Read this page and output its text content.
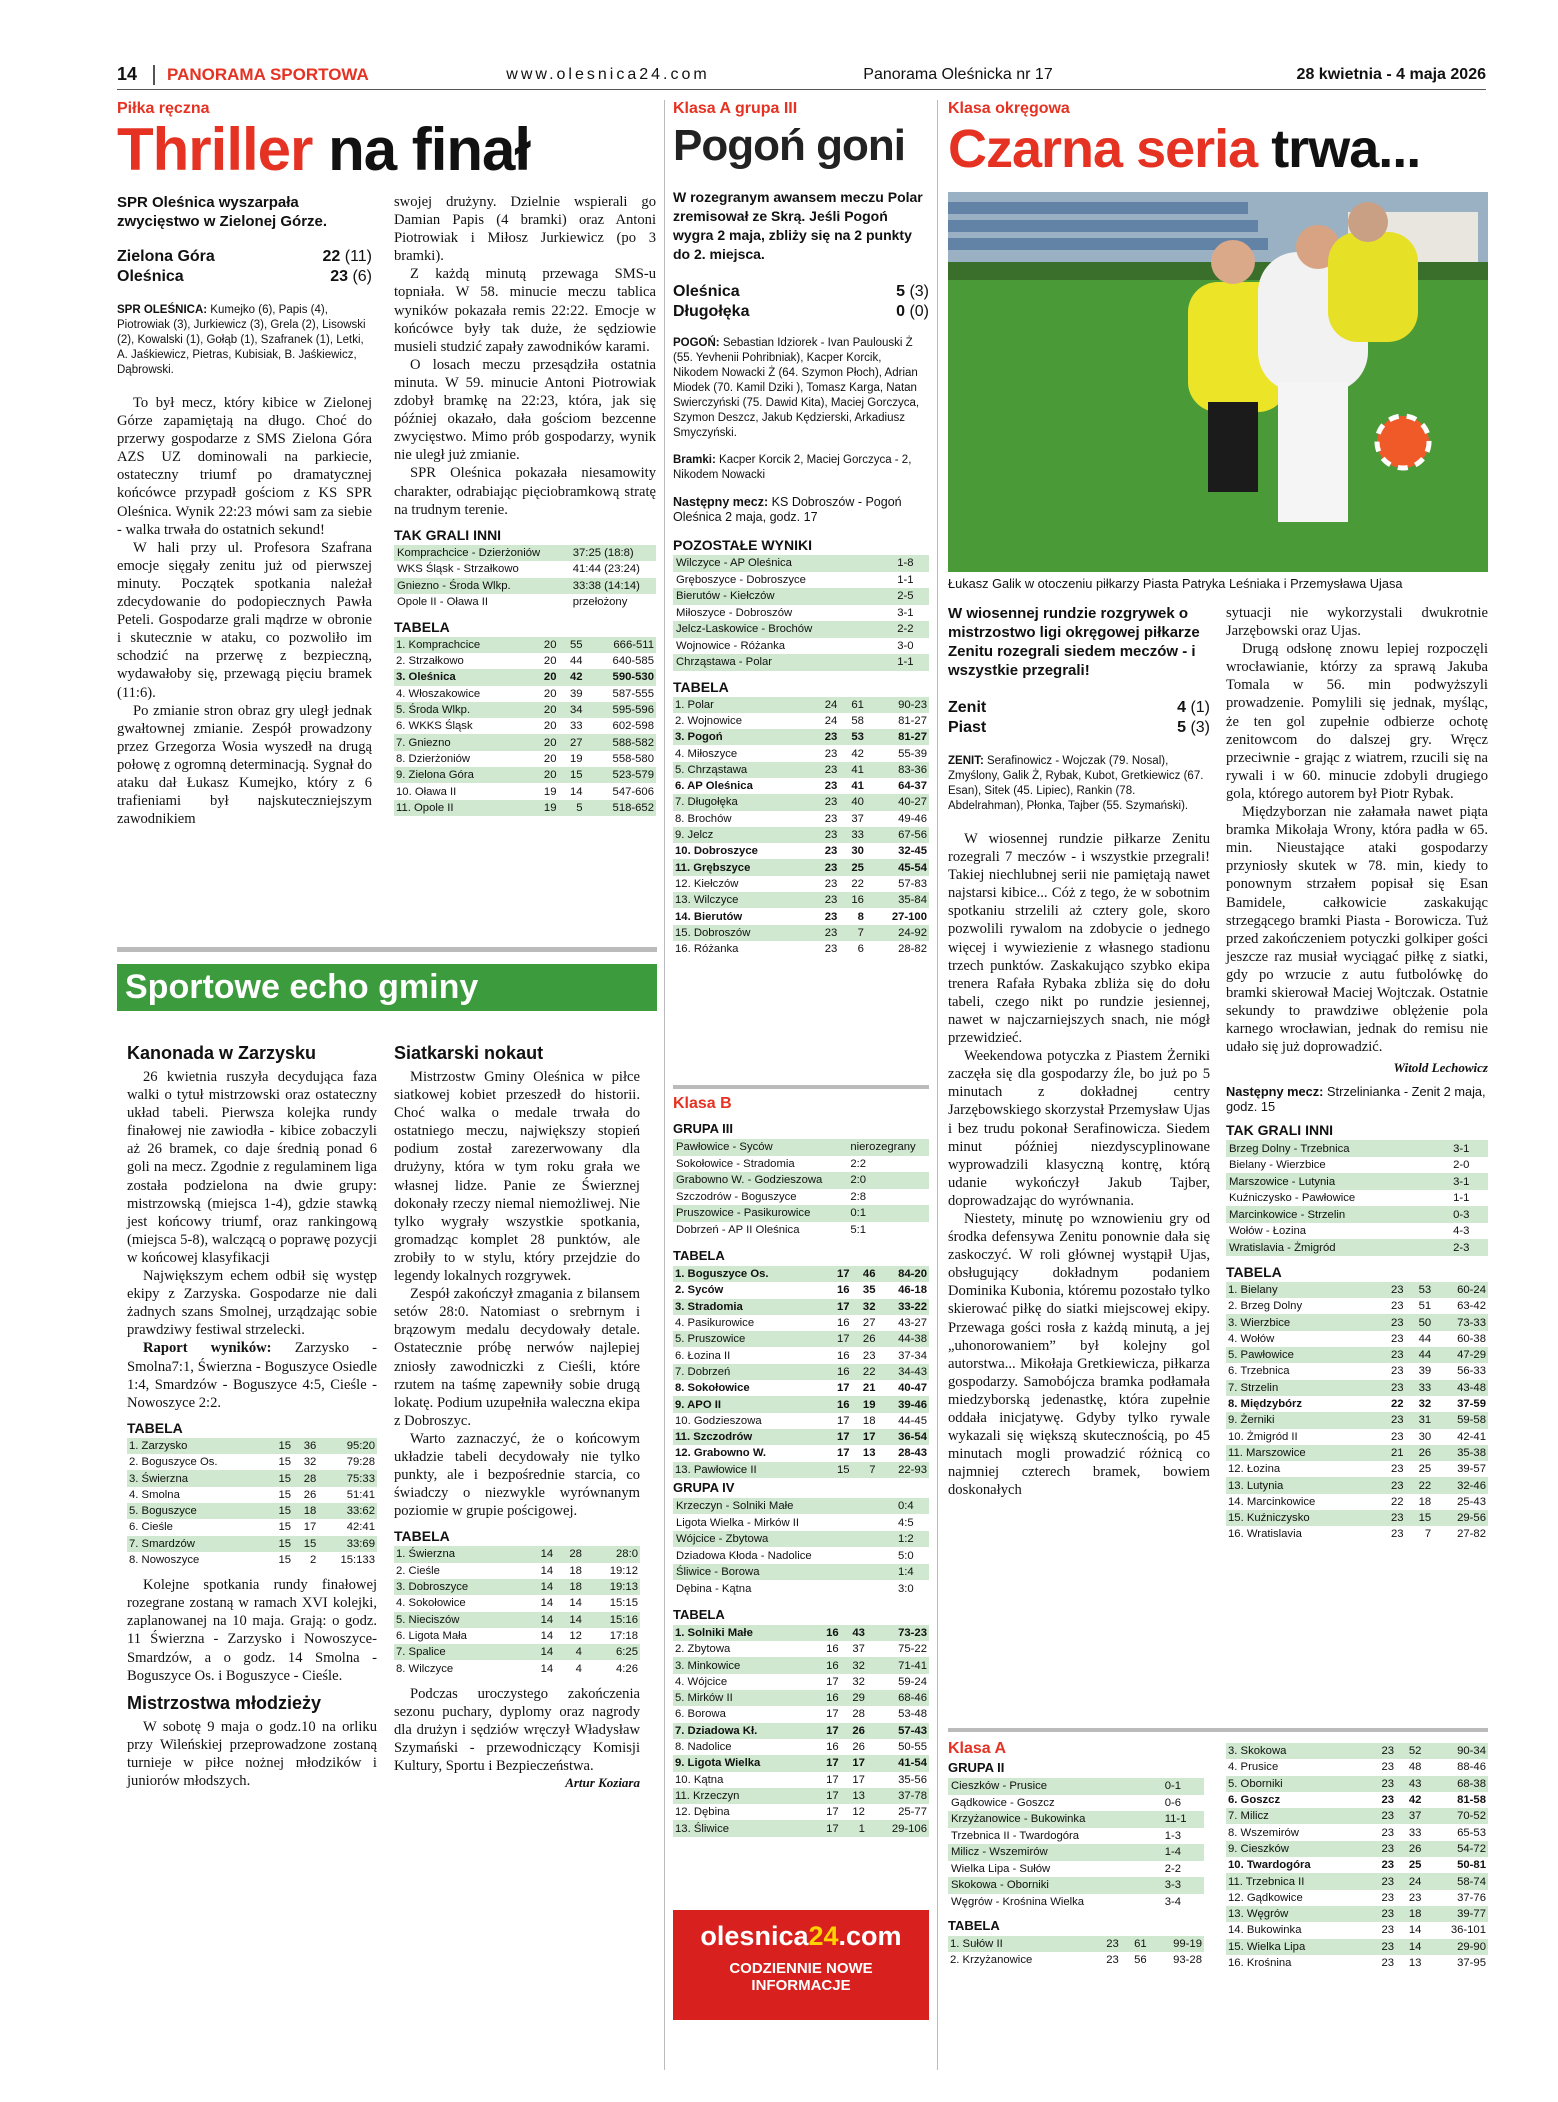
14	PANORAMA SPORTOWA	www.olesnica24.com	Panorama Oleśnicka nr 17	28 kwietnia - 4 maja 2026
Piłka ręczna
Thriller na finał
SPR Oleśnica wyszarpała zwycięstwo w Zielonej Górze.
Zielona Góra	22 (11)
Oleśnica	23 (6)
SPR OLEŚNICA: Kumejko (6), Papis (4), Piotrowiak (3), Jurkiewicz (3), Grela (2), Lisowski (2), Kowalski (1), Gołąb (1), Szafranek (1), Letki, A. Jaśkiewicz, Pietras, Kubisiak, B. Jaśkiewicz, Dąbrowski.

To był mecz, który kibice w Zielonej Górze zapamiętają na długo. Choć do przerwy gospodarze z SMS Zielona Góra AZS UZ dominowali na parkiecie, ostateczny triumf po dramatycznej końcówce przypadł gościom z KS SPR Oleśnica. Wynik 22:23 mówi sam za siebie - walka trwała do ostatnich sekund!

W hali przy ul. Profesora Szafrana emocje sięgały zenitu już od pierwszej minuty. Początek spotkania należał zdecydowanie do podopiecznych Pawła Peteli. Gospodarze grali mądrze w obronie i skutecznie w ataku, co pozwoliło im schodzić na przerwę z bezpieczną, wydawałoby się, przewagą pięciu bramek (11:6).

Po zmianie stron obraz gry uległ jednak gwałtownej zmianie. Zespół prowadzony przez Grzegorza Wosia wyszedł na drugą połowę z ogromną determinacją. Sygnał do ataku dał Łukasz Kumejko, który z 6 trafieniami był najskuteczniejszym zawodnikiem

swojej drużyny. Dzielnie wspierali go Damian Papis (4 bramki) oraz Antoni Piotrowiak i Miłosz Jurkiewicz (po 3 bramki).

Z każdą minutą przewaga SMS-u topniała. W 58. minucie meczu tablica wyników pokazała remis 22:22. Emocje w końcówce były tak duże, że sędziowie musieli studzić zapały zawodników karami.

O losach meczu przesądziła ostatnia minuta. W 59. minucie Antoni Piotrowiak zdobył bramkę na 22:23, która, jak się później okazało, dała gościom bezcenne zwycięstwo. Mimo prób gospodarzy, wynik nie uległ już zmianie.

SPR Oleśnica pokazała niesamowity charakter, odrabiając pięciobramkową stratę na trudnym terenie.

TAK GRALI INNI
Komprachcice - Dzierżoniów	37:25 (18:8)
WKS Śląsk - Strzałkowo	41:44 (23:24)
Gniezno - Środa Wlkp.	33:38 (14:14)
Opole II - Oława II	przełożony
TABELA
1. Komprachcice	20	55	666-511
2. Strzałkowo	20	44	640-585
3. Oleśnica	20	42	590-530
4. Włoszakowice	20	39	587-555
5. Środa Wlkp.	20	34	595-596
6. WKKS Śląsk	20	33	602-598
7. Gniezno	20	27	588-582
8. Dzierżoniów	20	19	558-580
9. Zielona Góra	20	15	523-579
10. Oława II	19	14	547-606
11. Opole II	19	5	518-652
Sportowe echo gminy
Kanonada w Zarzysku

26 kwietnia ruszyła decydująca faza walki o tytuł mistrzowski oraz ostateczny układ tabeli. Pierwsza kolejka rundy finałowej nie zawiodła - kibice zobaczyli aż 26 bramek, co daje średnią ponad 6 goli na mecz. Zgodnie z regulaminem liga została podzielona na dwie grupy: mistrzowską (miejsca 1-4), gdzie stawką jest końcowy triumf, oraz rankingową (miejsca 5-8), walczącą o poprawę pozycji w końcowej klasyfikacji

Największym echem odbił się występ ekipy z Zarzyska. Gospodarze nie dali żadnych szans Smolnej, urządzając sobie prawdziwy festiwal strzelecki.

Raport wyników: Zarzysko - Smolna7:1, Świerzna - Boguszyce Osiedle 1:4, Smardzów - Boguszyce 4:5, Cieśle - Nowoszyce 2:2.

TABELA
1. Zarzysko	15	36	95:20
2. Boguszyce Os.	15	32	79:28
3. Świerzna	15	28	75:33
4. Smolna	15	26	51:41
5. Boguszyce	15	18	33:62
6. Cieśle	15	17	42:41
7. Smardzów	15	15	33:69
8. Nowoszyce	15	2	15:133

Kolejne spotkania rundy finałowej rozegrane zostaną w ramach XVI kolejki, zaplanowanej na 10 maja. Grają: o godz. 11 Świerzna - Zarzysko i Nowoszyce-Smardzów, a o godz. 14 Smolna - Boguszyce Os. i Boguszyce - Cieśle.

Mistrzostwa młodzieży

W sobotę 9 maja o godz.10 na orliku przy Wileńskiej przeprowadzone zostaną turnieje w piłce nożnej młodzików i juniorów młodszych.

Siatkarski nokaut

Mistrzostw Gminy Oleśnica w piłce siatkowej kobiet przeszedł do historii. Choć walka o medale trwała do ostatniego meczu, największy stopień podium został zarezerwowany dla drużyny, która w tym roku grała we własnej lidze. Panie ze Świerznej dokonały rzeczy niemal niemożliwej. Nie tylko wygrały wszystkie spotkania, gromadząc komplet 28 punktów, ale zrobiły to w stylu, który przejdzie do legendy lokalnych rozgrywek.

Zespół zakończył zmagania z bilansem setów 28:0. Natomiast o srebrnym i brązowym medalu decydowały detale. Ostatecznie próbę nerwów najlepiej zniosły zawodniczki z Cieśli, które rzutem na taśmę zapewniły sobie drugą lokatę. Podium uzupełniła waleczna ekipa z Dobroszyc.

Warto zaznaczyć, że o końcowym układzie tabeli decydowały nie tylko punkty, ale i bezpośrednie starcia, co świadczy o niezwykle wyrównanym poziomie w grupie pościgowej.

TABELA
1. Świerzna	14	28	28:0
2. Cieśle	14	18	19:12
3. Dobroszyce	14	18	19:13
4. Sokołowice	14	14	15:15
5. Nieciszów	14	14	15:16
6. Ligota Mała	14	12	17:18
7. Spalice	14	4	6:25
8. Wilczyce	14	4	4:26

Podczas uroczystego zakończenia sezonu puchary, dyplomy oraz nagrody dla drużyn i sędziów wręczył Władysław Szymański - przewodniczący Komisji Kultury, Sportu i Bezpieczeństwa.

Artur Koziara
Klasa A grupa III
Pogoń goni
W rozegranym awansem meczu Polar zremisował ze Skrą. Jeśli Pogoń wygra 2 maja, zbliży się na 2 punkty do 2. miejsca.
Oleśnica	5 (3)
Długołęka	0 (0)
POGOŃ: Sebastian Idziorek - Ivan Paulouski Ż (55. Yevhenii Pohribniak), Kacper Korcik, Nikodem Nowacki Ż (64. Szymon Płoch), Adrian Miodek (70. Kamil Dziki ), Tomasz Karga, Natan Swierczyński (75. Dawid Kita), Maciej Gorczyca, Szymon Deszcz, Jakub Kędzierski, Arkadiusz Smyczyński.
Bramki: Kacper Korcik 2, Maciej Gorczyca - 2, Nikodem Nowacki
Następny mecz: KS Dobroszów - Pogoń Oleśnica 2 maja, godz. 17
POZOSTAŁE WYNIKI
Wilczyce - AP Oleśnica	1-8
Gręboszyce - Dobroszyce	1-1
Bierutów - Kiełczów	2-5
Miłoszyce - Dobroszów	3-1
Jelcz-Laskowice - Brochów	2-2
Wojnowice - Różanka	3-0
Chrząstawa - Polar	1-1
TABELA
1. Polar	24	61	90-23
2. Wojnowice	24	58	81-27
3. Pogoń	23	53	81-27
4. Miłoszyce	23	42	55-39
5. Chrząstawa	23	41	83-36
6. AP Oleśnica	23	41	64-37
7. Długołęka	23	40	40-27
8. Brochów	23	37	49-46
9. Jelcz	23	33	67-56
10. Dobroszyce	23	30	32-45
11. Grębszyce	23	25	45-54
12. Kiełczów	23	22	57-83
13. Wilczyce	23	16	35-84
14. Bierutów	23	8	27-100
15. Dobroszów	23	7	24-92
16. Różanka	23	6	28-82
Klasa B
GRUPA III
Pawłowice - Syców	nierozegrany
Sokołowice - Stradomia	2:2
Grabowno W. - Godzieszowa	2:0
Szczodrów - Boguszyce	2:8
Pruszowice - Pasikurowice	0:1
Dobrzeń - AP II Oleśnica	5:1
TABELA
1. Boguszyce Os.	17	46	84-20
2. Syców	16	35	46-18
3. Stradomia	17	32	33-22
4. Pasikurowice	16	27	43-27
5. Pruszowice	17	26	44-38
6. Łozina II	16	23	37-34
7. Dobrzeń	16	22	34-43
8. Sokołowice	17	21	40-47
9. APO II	16	19	39-46
10. Godzieszowa	17	18	44-45
11. Szczodrów	17	17	36-54
12. Grabowno W.	17	13	28-43
13. Pawłowice II	15	7	22-93
GRUPA IV
Krzeczyn - Solniki Małe	0:4
Ligota Wielka - Mirków II	4:5
Wójcice - Zbytowa	1:2
Dziadowa Kłoda - Nadolice	5:0
Śliwice - Borowa	1:4
Dębina - Kątna	3:0
TABELA
1. Solniki Małe	16	43	73-23
2. Zbytowa	16	37	75-22
3. Minkowice	16	32	71-41
4. Wójcice	17	32	59-24
5. Mirków II	16	29	68-46
6. Borowa	17	28	53-48
7. Dziadowa Kł.	17	26	57-43
8. Nadolice	16	26	50-55
9. Ligota Wielka	17	17	41-54
10. Kątna	17	17	35-56
11. Krzeczyn	17	13	37-78
12. Dębina	17	12	25-77
13. Śliwice	17	1	29-106
olesnica24.com
CODZIENNIE NOWE
INFORMACJE
Klasa okręgowa
Czarna seria trwa...
Fot. Witold Lechowicz
Łukasz Galik w otoczeniu piłkarzy Piasta Patryka Leśniaka i Przemysława Ujasa
W wiosennej rundzie rozgrywek o mistrzostwo ligi okręgowej piłkarze Zenitu rozegrali siedem meczów - i wszystkie przegrali!
Zenit	4 (1)
Piast	5 (3)
ZENIT: Serafinowicz - Wojczak (79. Nosal), Zmyślony, Galik Ż, Rybak, Kubot, Gretkiewicz (67. Esan), Sitek (45. Lipiec), Rankin (78. Abdelrahman), Płonka, Tajber (55. Szymański).

W wiosennej rundzie piłkarze Zenitu rozegrali 7 meczów - i wszystkie przegrali! Takiej niechlubnej serii nie pamiętają nawet najstarsi kibice... Cóż z tego, że w sobotnim spotkaniu strzelili aż cztery gole, skoro pozwolili rywalom na zdobycie o jednego więcej i wywiezienie z własnego stadionu trzech punktów. Zaskakująco szybko ekipa trenera Rafała Rybaka zbliża się do dołu tabeli, czego nikt po rundzie jesiennej, nawet w najczarniejszych snach, nie mógł przewidzieć.

Weekendowa potyczka z Piastem Żerniki zaczęła się dla gospodarzy źle, bo już po 5 minutach z dokładnej centry Jarzębowskiego skorzystał Przemysław Ujas i bez trudu pokonał Serafinowicza. Siedem minut później niezdyscyplinowane wyprowadzili klasyczną kontrę, którą udanie wykończył Jakub Tajber, doprowadzając do wyrównania.

Niestety, minutę po wznowieniu gry od środka defensywa Zenitu ponownie dała się zaskoczyć. W roli głównej wystąpił Ujas, obsługujący dokładnym podaniem Dominika Kubonia, któremu pozostało tylko skierować piłkę do siatki miejscowej ekipy. Przewaga gości rosła z każdą minutą, a jej „uhonorowaniem” był kolejny gol autorstwa... Mikołaja Gretkiewicza, piłkarza gospodarzy. Samobójcza bramka podłamała miedzyborską jedenastkę, która zupełnie oddała inicjatywę. Gdyby tylko rywale wykazali się większą skutecznością, po 45 minutach mogli prowadzić różnicą co najmniej czterech bramek, bowiem doskonałych

sytuacji nie wykorzystali dwukrotnie Jarzębowski oraz Ujas.

Drugą odsłonę znowu lepiej rozpoczęli wrocławianie, którzy za sprawą Jakuba Tomala w 56. min podwyższyli prowadzenie. Pomylili się jednak, myśląc, że ten gol zupełnie odbierze ochotę zenitowcom do dalszej gry. Wręcz przeciwnie - grając z wiatrem, rzucili się na rywali i w 60. minucie zdobyli drugiego gola, którego autorem był Piotr Rybak.

Międzyborzan nie załamała nawet piąta bramka Mikołaja Wrony, która padła w 65. min. Nieustające ataki gospodarzy przyniosły skutek w 78. min, kiedy to ponownym strzałem popisał się Esan Bamidele, całkowicie zaskakując strzegącego bramki Piasta - Borowicza. Tuż przed zakończeniem potyczki golkiper gości jeszcze raz musiał wyciągać piłkę z siatki, gdy po wrzucie z autu futbolówkę do bramki skierował Maciej Wojtczak. Ostatnie sekundy to prawdziwe oblężenie pola karnego wrocławian, jednak do remisu nie udało się już doprowadzić.

Witold Lechowicz
Następny mecz: Strzelinianka - Zenit 2 maja, godz. 15
TAK GRALI INNI
Brzeg Dolny - Trzebnica	3-1
Bielany - Wierzbice	2-0
Marszowice - Lutynia	3-1
Kuźniczysko - Pawłowice	1-1
Marcinkowice - Strzelin	0-3
Wołów - Łozina	4-3
Wratislavia - Żmigród	2-3
TABELA
1. Bielany	23	53	60-24
2. Brzeg Dolny	23	51	63-42
3. Wierzbice	23	50	73-33
4. Wołów	23	44	60-38
5. Pawłowice	23	44	47-29
6. Trzebnica	23	39	56-33
7. Strzelin	23	33	43-48
8. Międzybórz	22	32	37-59
9. Żerniki	23	31	59-58
10. Żmigród II	23	30	42-41
11. Marszowice	21	26	35-38
12. Łozina	23	25	39-57
13. Lutynia	23	22	32-46
14. Marcinkowice	22	18	25-43
15. Kuźniczysko	23	15	29-56
16. Wratislavia	23	7	27-82
Klasa A
GRUPA II
Cieszków - Prusice	0-1
Gądkowice - Goszcz	0-6
Krzyżanowice - Bukowinka	11-1
Trzebnica II - Twardogóra	1-3
Milicz - Wszemirów	1-4
Wielka Lipa - Sułów	2-2
Skokowa - Oborniki	3-3
Węgrów - Krośnina Wielka	3-4
TABELA
1. Sułów II	23	61	99-19
2. Krzyżanowice	23	56	93-28
3. Skokowa	23	52	90-34
4. Prusice	23	48	88-46
5. Oborniki	23	43	68-38
6. Goszcz	23	42	81-58
7. Milicz	23	37	70-52
8. Wszemirów	23	33	65-53
9. Cieszków	23	26	54-72
10. Twardogóra	23	25	50-81
11. Trzebnica II	23	24	58-74
12. Gądkowice	23	23	37-76
13. Węgrów	23	18	39-77
14. Bukowinka	23	14	36-101
15. Wielka Lipa	23	14	29-90
16. Krośnina	23	13	37-95
